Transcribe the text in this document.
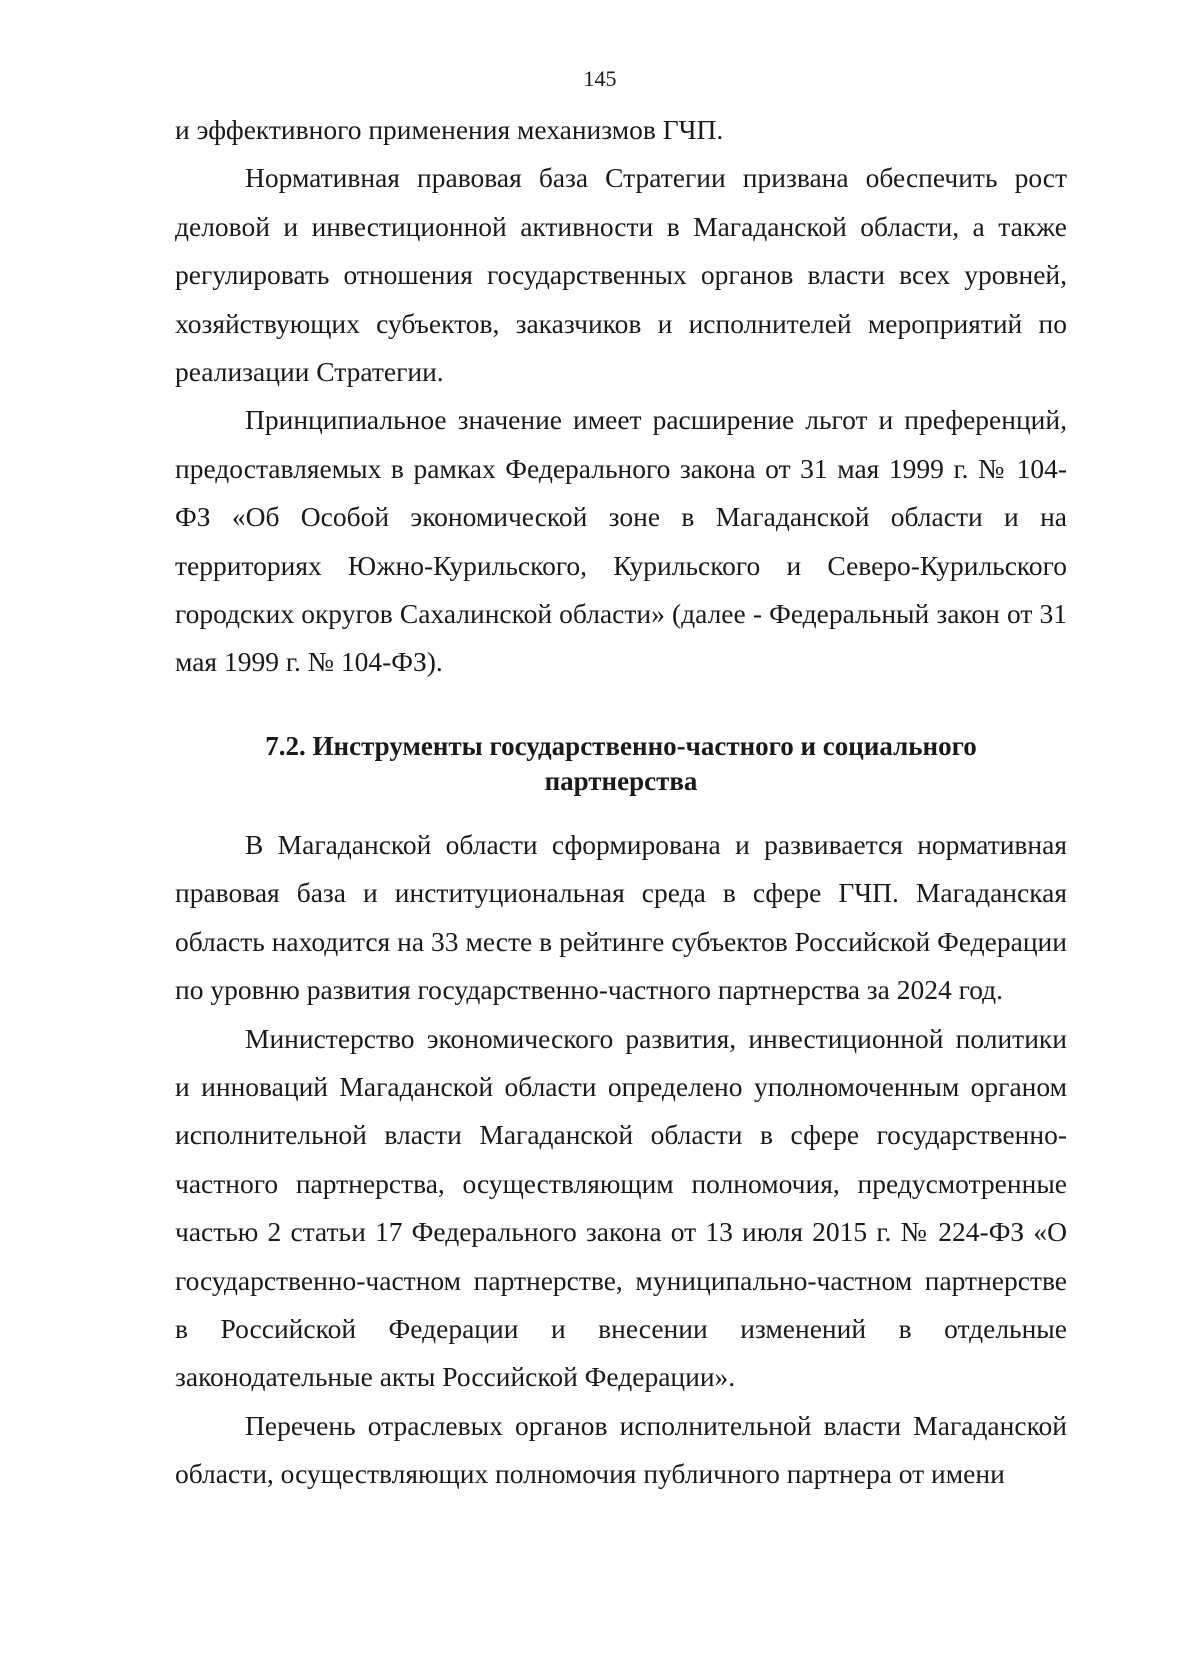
145

и эффективного применения механизмов ГЧП.

Нормативная правовая база Стратегии призвана обеспечить рост деловой и инвестиционной активности в Магаданской области, а также регулировать отношения государственных органов власти всех уровней, хозяйствующих субъектов, заказчиков и исполнителей мероприятий по реализации Стратегии.

Принципиальное значение имеет расширение льгот и преференций, предоставляемых в рамках Федерального закона от 31 мая 1999 г. № 104-ФЗ «Об Особой экономической зоне в Магаданской области и на территориях Южно-Курильского, Курильского и Северо-Курильского городских округов Сахалинской области» (далее - Федеральный закон от 31 мая 1999 г. № 104-ФЗ).

7.2. Инструменты государственно-частного и социального
партнерства

В Магаданской области сформирована и развивается нормативная правовая база и институциональная среда в сфере ГЧП. Магаданская область находится на 33 месте в рейтинге субъектов Российской Федерации по уровню развития государственно-частного партнерства за 2024 год.

Министерство экономического развития, инвестиционной политики и инноваций Магаданской области определено уполномоченным органом исполнительной власти Магаданской области в сфере государственно-частного партнерства, осуществляющим полномочия, предусмотренные частью 2 статьи 17 Федерального закона от 13 июля 2015 г. № 224-ФЗ «О государственно-частном партнерстве, муниципально-частном партнерстве в Российской Федерации и внесении изменений в отдельные законодательные акты Российской Федерации».

Перечень отраслевых органов исполнительной власти Магаданской области, осуществляющих полномочия публичного партнера от имени
